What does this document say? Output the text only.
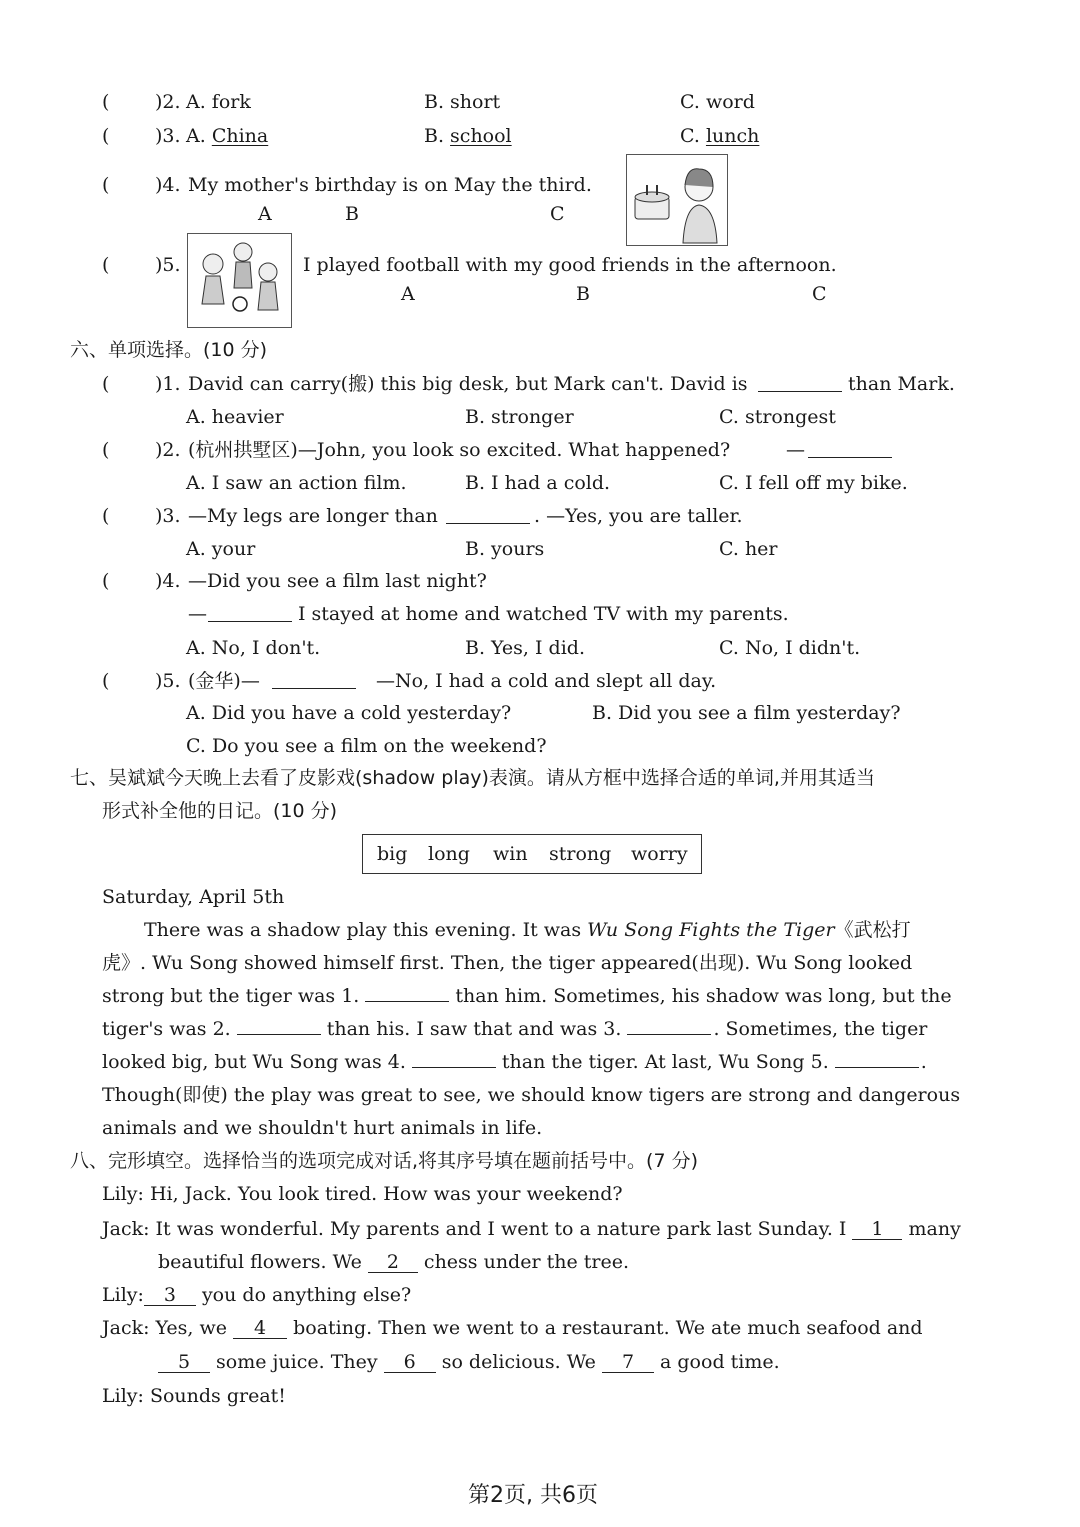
( )2. A. fork	B. short	C. word
( )3. A. China	B. school	C. lunch
( )4. My mother's birthday is on May the third.
A	B	C
( )5.	I played football with my good friends in the afternoon.
A	B	C
六、单项选择。(10 分)
( )1. David can carry(搬) this big desk, but Mark can't. David is	than Mark.
A. heavier	B. stronger	C. strongest
( )2. (杭州拱墅区)—John, you look so excited. What happened?	—
A. I saw an action film.	B. I had a cold.	C. I fell off my bike.
( )3. —My legs are longer than	. —Yes, you are taller.
A. your	B. yours	C. her
( )4. —Did you see a film last night?
—	I stayed at home and watched TV with my parents.
A. No, I don't.	B. Yes, I did.	C. No, I didn't.
( )5. (金华)—	—No, I had a cold and slept all day.
A. Did you have a cold yesterday?	B. Did you see a film yesterday?
C. Do you see a film on the weekend?
七、吴斌斌今天晚上去看了皮影戏(shadow play)表演。请从方框中选择合适的单词,并用其适当
形式补全他的日记。(10 分)
big long win strong worry
Saturday, April 5th
There was a shadow play this evening. It was Wu Song Fights the Tiger《武松打
虎》. Wu Song showed himself first. Then, the tiger appeared(出现). Wu Song looked
strong but the tiger was 1.	than him. Sometimes, his shadow was long, but the
tiger's was 2.	than his. I saw that and was 3.	. Sometimes, the tiger
looked big, but Wu Song was 4.	than the tiger. At last, Wu Song 5.	.
Though(即使) the play was great to see, we should know tigers are strong and dangerous
animals and we shouldn't hurt animals in life.
八、完形填空。选择恰当的选项完成对话,将其序号填在题前括号中。(7 分)
Lily: Hi, Jack. You look tired. How was your weekend?
Jack: It was wonderful. My parents and I went to a nature park last Sunday. I 1 many
beautiful flowers. We 2 chess under the tree.
Lily: 3 you do anything else?
Jack: Yes, we 4 boating. Then we went to a restaurant. We ate much seafood and
5 some juice. They 6 so delicious. We 7 a good time.
Lily: Sounds great!
第2页, 共6页
